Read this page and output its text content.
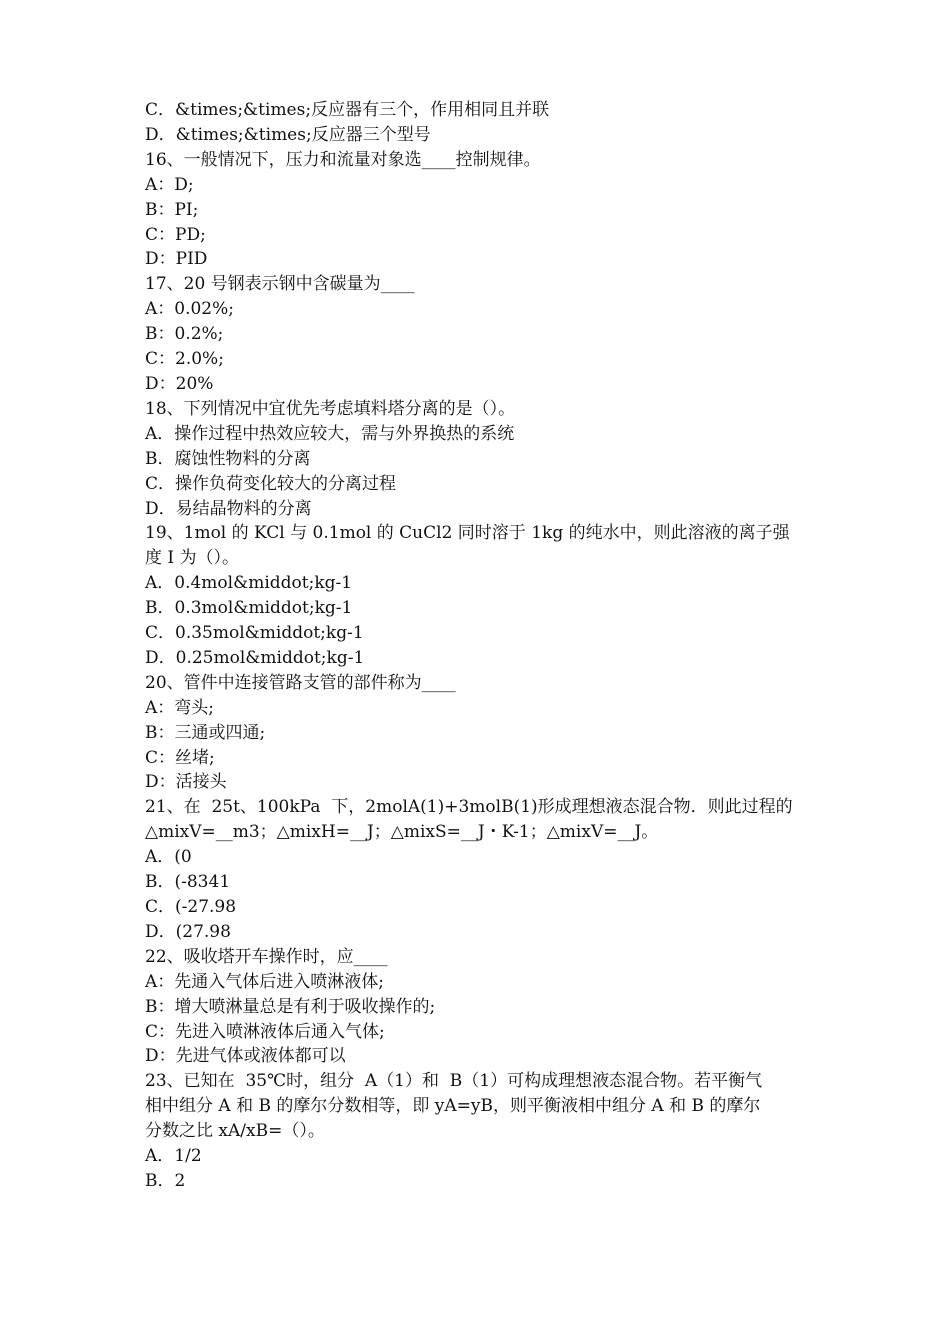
C．&times;&times;反应器有三个，作用相同且并联
D．&times;&times;反应器三个型号
16、一般情况下，压力和流量对象选____控制规律。
A：D;
B：PI;
C：PD;
D：PID
17、20 号钢表示钢中含碳量为____
A：0.02%;
B：0.2%;
C：2.0%;
D：20%
18、下列情况中宜优先考虑填料塔分离的是（）。
A．操作过程中热效应较大，需与外界换热的系统
B．腐蚀性物料的分离
C．操作负荷变化较大的分离过程
D．易结晶物料的分离
19、1mol 的 KCl 与 0.1mol 的 CuCl2 同时溶于 1kg 的纯水中，则此溶液的离子强
度 I 为（）。
A．0.4mol&middot;kg-1
B．0.3mol&middot;kg-1
C．0.35mol&middot;kg-1
D．0.25mol&middot;kg-1
20、管件中连接管路支管的部件称为____
A：弯头;
B：三通或四通;
C：丝堵;
D：活接头
21、在  25t、100kPa  下，2molA(1)+3molB(1)形成理想液态混合物．则此过程的
△mixV=__m3；△mixH=__J；△mixS=__J・K-1；△mixV=__J。
A．(0
B．(-8341
C．(-27.98
D．(27.98
22、吸收塔开车操作时，应____
A：先通入气体后进入喷淋液体;
B：增大喷淋量总是有利于吸收操作的;
C：先进入喷淋液体后通入气体;
D：先进气体或液体都可以
23、已知在  35℃时，组分  A（1）和  B（1）可构成理想液态混合物。若平衡气
相中组分 A 和 B 的摩尔分数相等，即 yA=yB，则平衡液相中组分 A 和 B 的摩尔
分数之比 xA/xB=（）。
A．1/2
B．2
